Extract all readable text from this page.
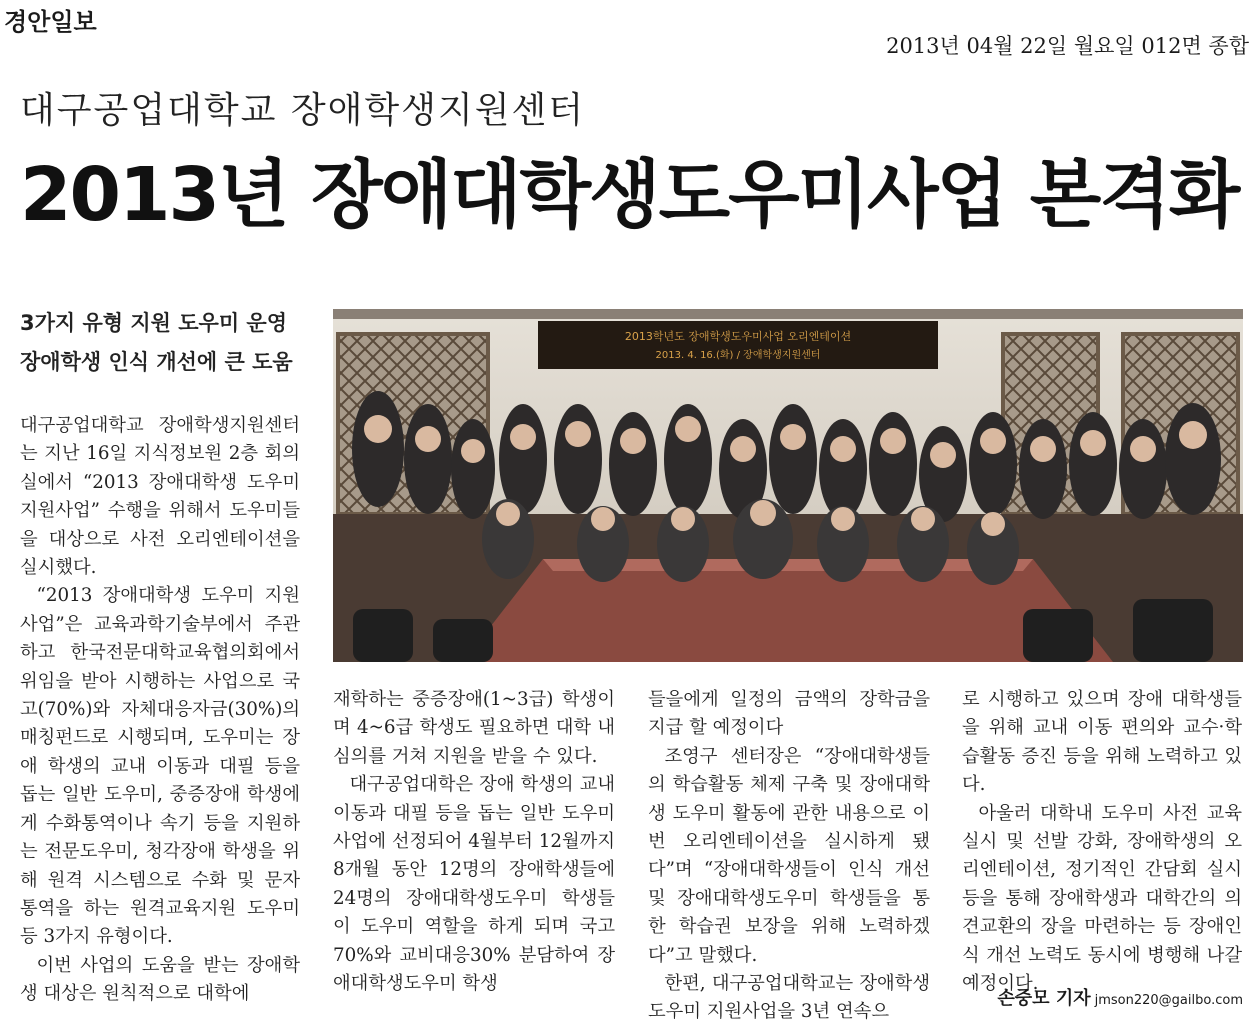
경안일보
2013년 04월 22일 월요일 012면 종합
대구공업대학교 장애학생지원센터
2013년 장애대학생도우미사업 본격화
3가지 유형 지원 도우미 운영
장애학생 인식 개선에 큰 도움

대구공업대학교 장애학생지원센터는 지난 16일 지식정보원 2층 회의실에서 “2013 장애대학생 도우미 지원사업” 수행을 위해서 도우미들을 대상으로 사전 오리엔테이션을 실시했다.

“2013 장애대학생 도우미 지원사업”은 교육과학기술부에서 주관하고 한국전문대학교육협의회에서 위임을 받아 시행하는 사업으로 국고(70%)와 자체대응자금(30%)의 매칭펀드로 시행되며, 도우미는 장애 학생의 교내 이동과 대필 등을 돕는 일반 도우미, 중증장애 학생에게 수화통역이나 속기 등을 지원하는 전문도우미, 청각장애 학생을 위해 원격 시스템으로 수화 및 문자 통역을 하는 원격교육지원 도우미 등 3가지 유형이다.

이번 사업의 도움을 받는 장애학생 대상은 원칙적으로 대학에

2013학년도 장애학생도우미사업 오리엔테이션
2013. 4. 16.(화) / 장애학생지원센터

재학하는 중증장애(1~3급) 학생이며 4~6급 학생도 필요하면 대학 내 심의를 거쳐 지원을 받을 수 있다.

대구공업대학은 장애 학생의 교내 이동과 대필 등을 돕는 일반 도우미 사업에 선정되어 4월부터 12월까지 8개월 동안 12명의 장애학생들에 24명의 장애대학생도우미 학생들이 도우미 역할을 하게 되며 국고70%와 교비대응30% 분담하여 장애대학생도우미 학생

들을에게 일정의 금액의 장학금을 지급 할 예정이다

조영구 센터장은 “장애대학생들의 학습활동 체제 구축 및 장애대학생 도우미 활동에 관한 내용으로 이번 오리엔테이션을 실시하게 됐다”며 “장애대학생들이 인식 개선 및 장애대학생도우미 학생들을 통한 학습권 보장을 위해 노력하겠다”고 말했다.

한편, 대구공업대학교는 장애학생 도우미 지원사업을 3년 연속으

로 시행하고 있으며 장애 대학생들을 위해 교내 이동 편의와 교수·학습활동 증진 등을 위해 노력하고 있다.

아울러 대학내 도우미 사전 교육 실시 및 선발 강화, 장애학생의 오리엔테이션, 정기적인 간담회 실시 등을 통해 장애학생과 대학간의 의견교환의 장을 마련하는 등 장애인식 개선 노력도 동시에 병행해 나갈 예정이다.

손중모 기자 jmson220@gailbo.com
